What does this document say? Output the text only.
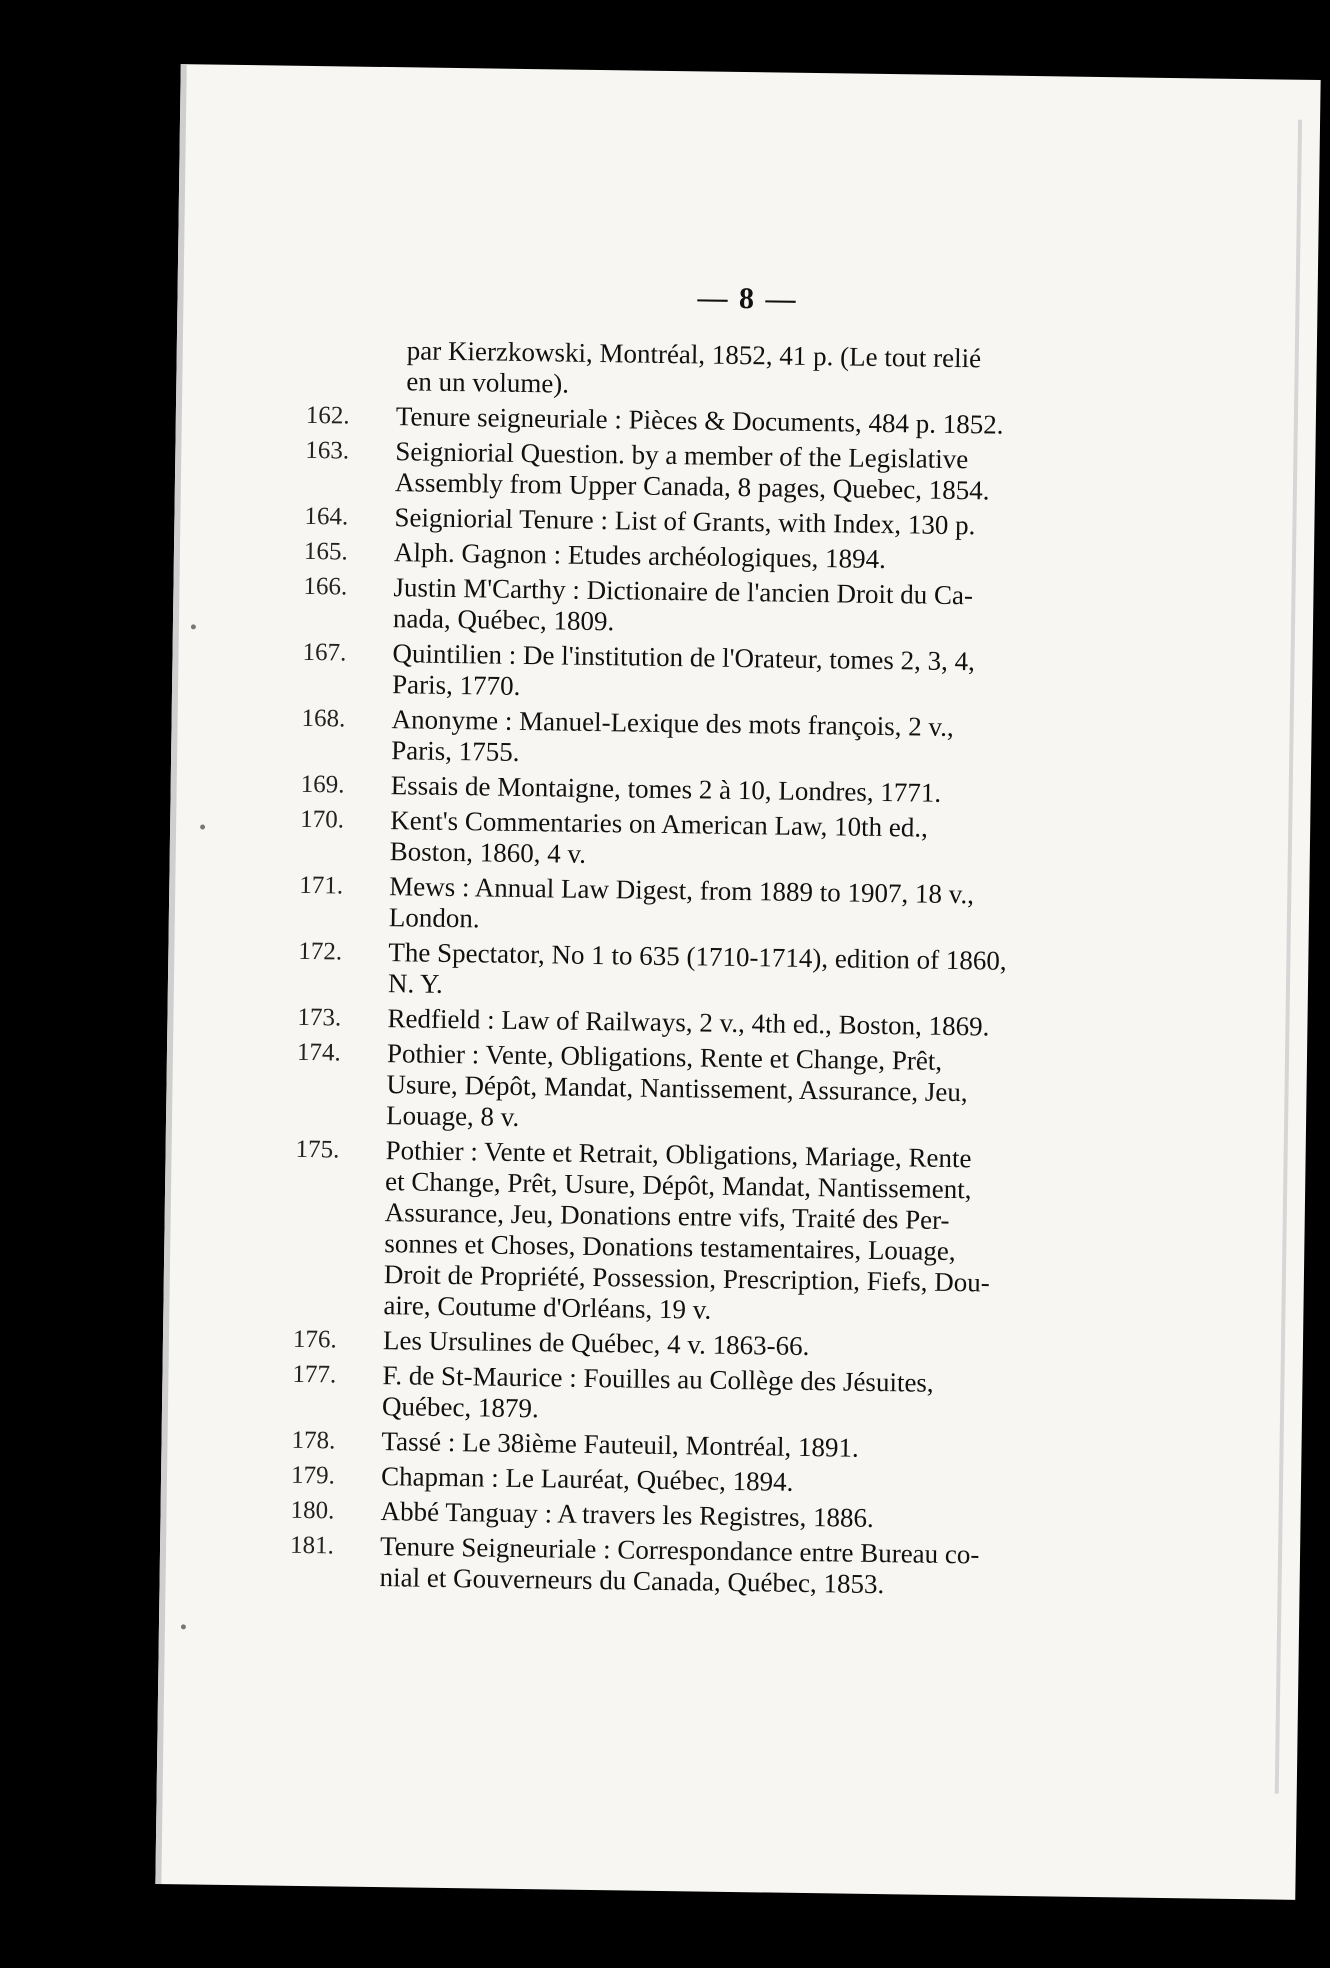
— 8 —
par Kierzkowski, Montréal, 1852, 41 p. (Le tout relié
en un volume).
162.	Tenure seigneuriale : Pièces & Documents, 484 p. 1852.
163.	Seigniorial Question. by a member of the Legislative
Assembly from Upper Canada, 8 pages, Quebec, 1854.
164.	Seigniorial Tenure : List of Grants, with Index, 130 p.
165.	Alph. Gagnon : Etudes archéologiques, 1894.
166.	Justin M'Carthy : Dictionaire de l'ancien Droit du Ca-
nada, Québec, 1809.
167.	Quintilien : De l'institution de l'Orateur, tomes 2, 3, 4,
Paris, 1770.
168.	Anonyme : Manuel-Lexique des mots françois, 2 v.,
Paris, 1755.
169.	Essais de Montaigne, tomes 2 à 10, Londres, 1771.
170.	Kent's Commentaries on American Law, 10th ed.,
Boston, 1860, 4 v.
171.	Mews : Annual Law Digest, from 1889 to 1907, 18 v.,
London.
172.	The Spectator, No 1 to 635 (1710-1714), edition of 1860,
N. Y.
173.	Redfield : Law of Railways, 2 v., 4th ed., Boston, 1869.
174.	Pothier : Vente, Obligations, Rente et Change, Prêt,
Usure, Dépôt, Mandat, Nantissement, Assurance, Jeu,
Louage, 8 v.
175.	Pothier : Vente et Retrait, Obligations, Mariage, Rente
et Change, Prêt, Usure, Dépôt, Mandat, Nantissement,
Assurance, Jeu, Donations entre vifs, Traité des Per-
sonnes et Choses, Donations testamentaires, Louage,
Droit de Propriété, Possession, Prescription, Fiefs, Dou-
aire, Coutume d'Orléans, 19 v.
176.	Les Ursulines de Québec, 4 v. 1863-66.
177.	F. de St-Maurice : Fouilles au Collège des Jésuites,
Québec, 1879.
178.	Tassé : Le 38ième Fauteuil, Montréal, 1891.
179.	Chapman : Le Lauréat, Québec, 1894.
180.	Abbé Tanguay : A travers les Registres, 1886.
181.	Tenure Seigneuriale : Correspondance entre Bureau co-
nial et Gouverneurs du Canada, Québec, 1853.
